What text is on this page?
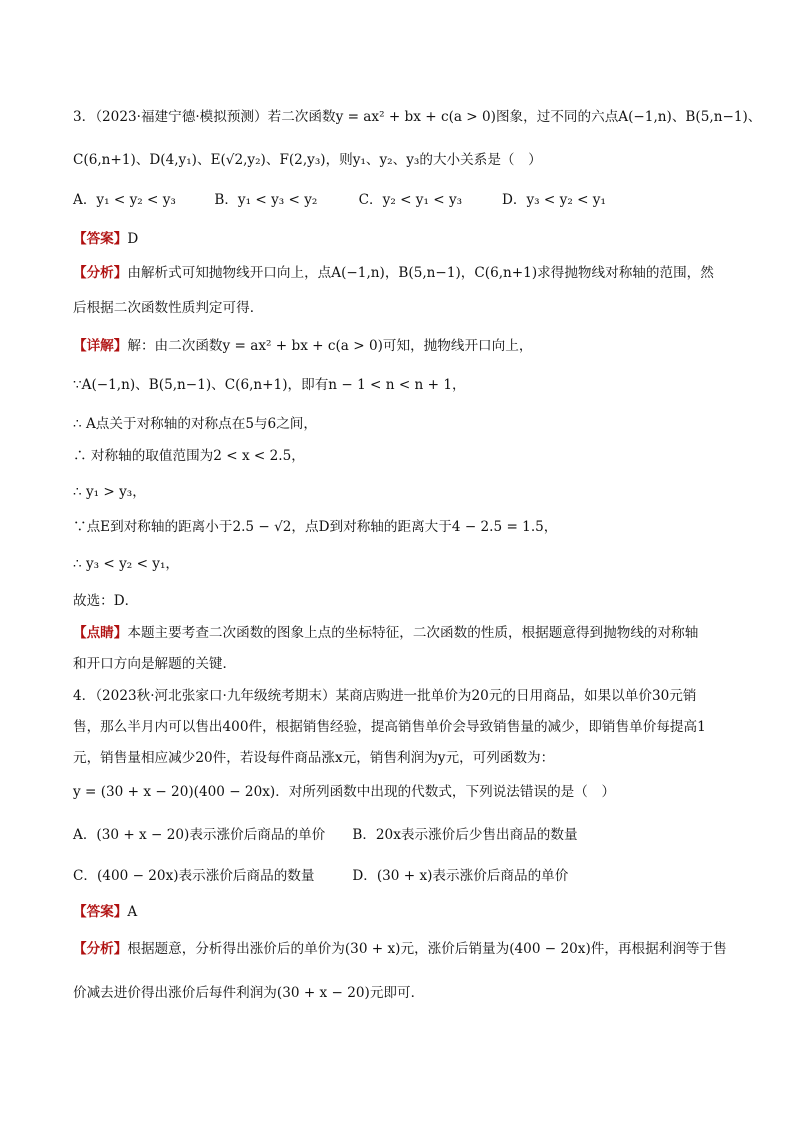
3．（2023·福建宁德·模拟预测）若二次函数y = ax² + bx + c(a > 0)图象，过不同的六点A(−1,n)、B(5,n−1)、
C(6,n+1)、D(4,y₁)、E(√2,y₂)、F(2,y₃)，则y₁、y₂、y₃的大小关系是（　）
A．y₁ < y₂ < y₃	B．y₁ < y₃ < y₂	C．y₂ < y₁ < y₃	D．y₃ < y₂ < y₁
【答案】D
【分析】由解析式可知抛物线开口向上，点A(−1,n)，B(5,n−1)，C(6,n+1)求得抛物线对称轴的范围，然
后根据二次函数性质判定可得．
【详解】解：由二次函数y = ax² + bx + c(a > 0)可知，抛物线开口向上，
∵A(−1,n)、B(5,n−1)、C(6,n+1)，即有n − 1 < n < n + 1，
∴ A点关于对称轴的对称点在5与6之间，
∴ 对称轴的取值范围为2 < x < 2.5，
∴ y₁ > y₃，
∵点E到对称轴的距离小于2.5 − √2，点D到对称轴的距离大于4 − 2.5 = 1.5，
∴ y₃ < y₂ < y₁，
故选：D．
【点睛】本题主要考查二次函数的图象上点的坐标特征，二次函数的性质，根据题意得到抛物线的对称轴
和开口方向是解题的关键．
4．（2023秋·河北张家口·九年级统考期末）某商店购进一批单价为20元的日用商品，如果以单价30元销
售，那么半月内可以售出400件，根据销售经验，提高销售单价会导致销售量的减少，即销售单价每提高1
元，销售量相应减少20件，若设每件商品涨x元，销售利润为y元，可列函数为：
y = (30 + x − 20)(400 − 20x)．对所列函数中出现的代数式，下列说法错误的是（　）
A．(30 + x − 20)表示涨价后商品的单价 B．20x表示涨价后少售出商品的数量
C．(400 − 20x)表示涨价后商品的数量	D．(30 + x)表示涨价后商品的单价
【答案】A
【分析】根据题意，分析得出涨价后的单价为(30 + x)元，涨价后销量为(400 − 20x)件，再根据利润等于售
价减去进价得出涨价后每件利润为(30 + x − 20)元即可．
